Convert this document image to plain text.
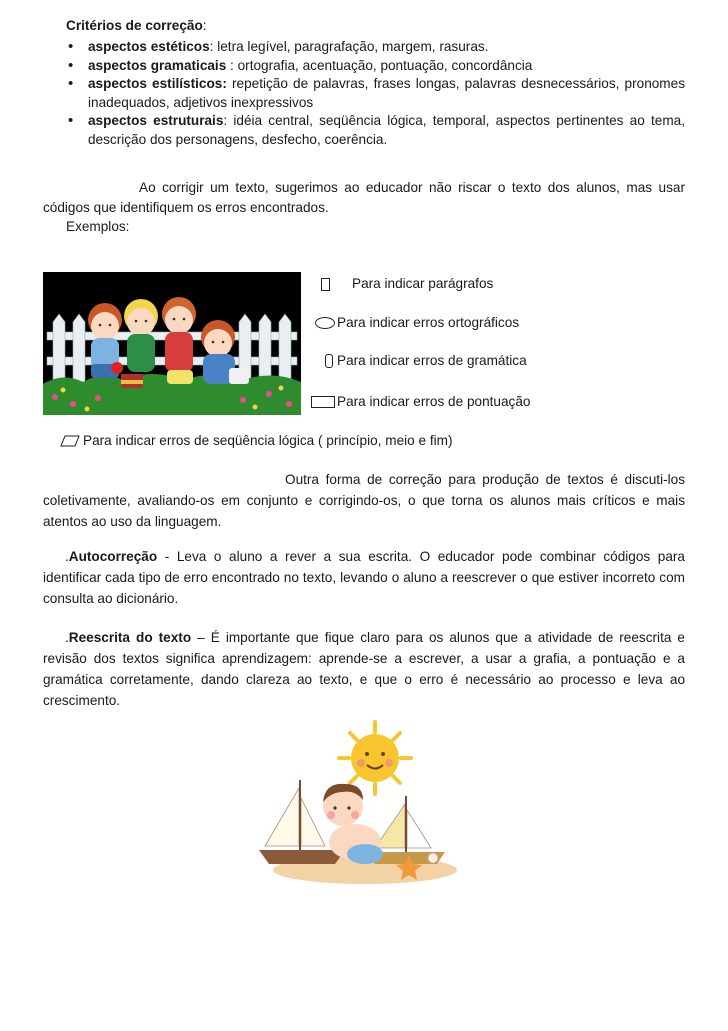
Critérios de correção:
• aspectos estéticos: letra legível, paragrafação, margem, rasuras.
• aspectos gramaticais : ortografia, acentuação, pontuação, concordância
• aspectos estilísticos: repetição de palavras, frases longas, palavras desnecessários, pronomes inadequados, adjetivos inexpressivos
• aspectos estruturais: idéia central, seqüência lógica, temporal, aspectos pertinentes ao tema, descrição dos personagens, desfecho, coerência.
Ao corrigir um texto, sugerimos ao educador não riscar o texto dos alunos, mas usar códigos que identifiquem os erros encontrados.
Exemplos:
Para indicar parágrafos
Para indicar erros ortográficos
Para indicar erros de gramática
Para indicar erros de pontuação
Para indicar erros de seqüência lógica ( princípio, meio e fim)
Outra forma de correção para produção de textos é discuti-los coletivamente, avaliando-os em conjunto e corrigindo-os, o que torna os alunos mais críticos e mais atentos ao uso da linguagem.
.Autocorreção - Leva o aluno a rever a sua escrita. O educador pode combinar códigos para identificar cada tipo de erro encontrado no texto, levando o aluno a reescrever o que estiver incorreto com consulta ao dicionário.
.Reescrita do texto – É importante que fique claro para os alunos que a atividade de reescrita e revisão dos textos significa aprendizagem: aprende-se a escrever, a usar a grafia, a pontuação e a gramática corretamente, dando clareza ao texto, e que o erro é necessário ao processo e leva ao crescimento.
